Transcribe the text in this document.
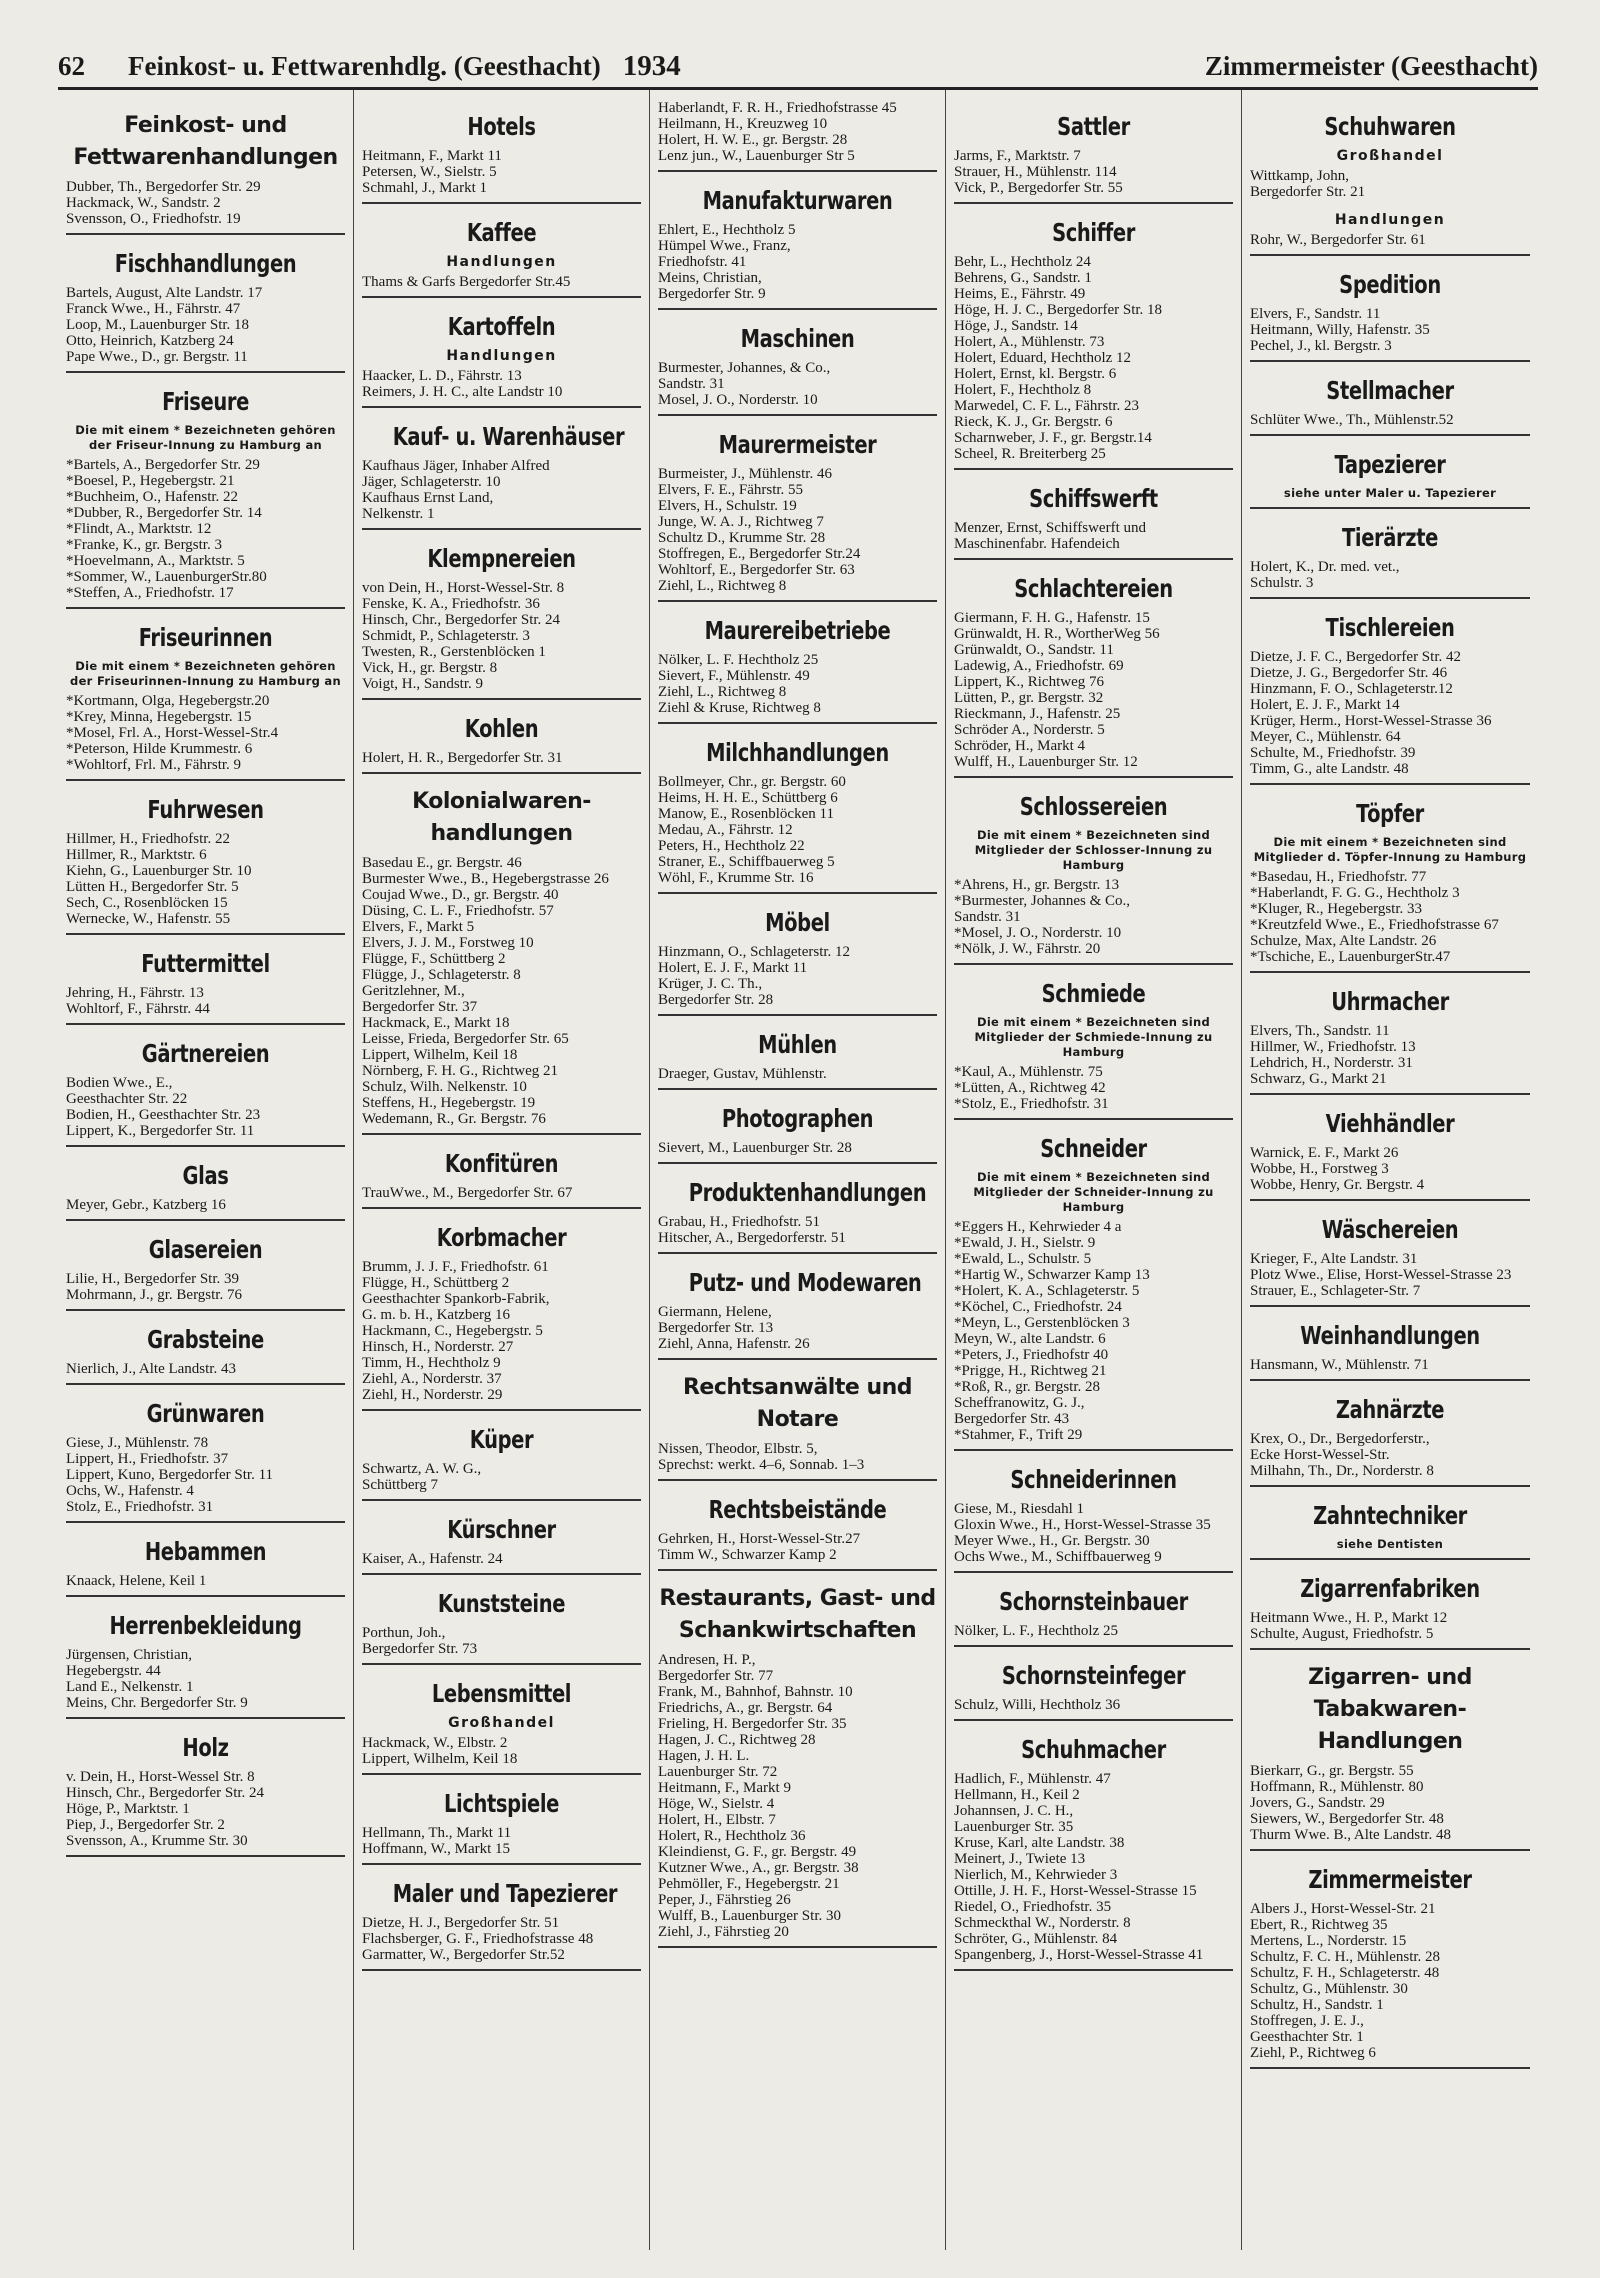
62	Feinkost- u. Fettwarenhdlg. (Geesthacht) 1934	Zimmermeister (Geesthacht)
Feinkost- und Fettwarenhandlungen
Dubber, Th., Bergedorfer Str. 29
Hackmack, W., Sandstr. 2
Svensson, O., Friedhofstr. 19
Fischhandlungen
Bartels, August, Alte Landstr. 17
Franck Wwe., H., Fährstr. 47
Loop, M., Lauenburger Str. 18
Otto, Heinrich, Katzberg 24
Pape Wwe., D., gr. Bergstr. 11
Friseure
Die mit einem * Bezeichneten gehören der Friseur-Innung zu Hamburg an
*Bartels, A., Bergedorfer Str. 29
*Boesel, P., Hegebergstr. 21
*Buchheim, O., Hafenstr. 22
*Dubber, R., Bergedorfer Str. 14
*Flindt, A., Marktstr. 12
*Franke, K., gr. Bergstr. 3
*Hoevelmann, A., Marktstr. 5
*Sommer, W., LauenburgerStr.80
*Steffen, A., Friedhofstr. 17
Friseurinnen
Die mit einem * Bezeichneten gehören der Friseurinnen-Innung zu Hamburg an
*Kortmann, Olga, Hegebergstr.20
*Krey, Minna, Hegebergstr. 15
*Mosel, Frl. A., Horst-Wessel-Str.4
*Peterson, Hilde Krummestr. 6
*Wohltorf, Frl. M., Fährstr. 9
Fuhrwesen
Hillmer, H., Friedhofstr. 22
Hillmer, R., Marktstr. 6
Kiehn, G., Lauenburger Str. 10
Lütten H., Bergedorfer Str. 5
Sech, C., Rosenblöcken 15
Wernecke, W., Hafenstr. 55
Futtermittel
Jehring, H., Fährstr. 13
Wohltorf, F., Fährstr. 44
Gärtnereien
Bodien Wwe., E.,
Geesthachter Str. 22
Bodien, H., Geesthachter Str. 23
Lippert, K., Bergedorfer Str. 11
Glas
Meyer, Gebr., Katzberg 16
Glasereien
Lilie, H., Bergedorfer Str. 39
Mohrmann, J., gr. Bergstr. 76
Grabsteine
Nierlich, J., Alte Landstr. 43
Grünwaren
Giese, J., Mühlenstr. 78
Lippert, H., Friedhofstr. 37
Lippert, Kuno, Bergedorfer Str. 11
Ochs, W., Hafenstr. 4
Stolz, E., Friedhofstr. 31
Hebammen
Knaack, Helene, Keil 1
Herrenbekleidung
Jürgensen, Christian,
Hegebergstr. 44
Land E., Nelkenstr. 1
Meins, Chr. Bergedorfer Str. 9
Holz
v. Dein, H., Horst-Wessel Str. 8
Hinsch, Chr., Bergedorfer Str. 24
Höge, P., Marktstr. 1
Piep, J., Bergedorfer Str. 2
Svensson, A., Krumme Str. 30
Hotels
Heitmann, F., Markt 11
Petersen, W., Sielstr. 5
Schmahl, J., Markt 1
Kaffee
Handlungen
Thams & Garfs Bergedorfer Str.45
Kartoffeln
Handlungen
Haacker, L. D., Fährstr. 13
Reimers, J. H. C., alte Landstr 10
Kauf- u. Warenhäuser
Kaufhaus Jäger, Inhaber Alfred
Jäger, Schlageterstr. 10
Kaufhaus Ernst Land,
Nelkenstr. 1
Klempnereien
von Dein, H., Horst-Wessel-Str. 8
Fenske, K. A., Friedhofstr. 36
Hinsch, Chr., Bergedorfer Str. 24
Schmidt, P., Schlageterstr. 3
Twesten, R., Gerstenblöcken 1
Vick, H., gr. Bergstr. 8
Voigt, H., Sandstr. 9
Kohlen
Holert, H. R., Bergedorfer Str. 31
Kolonialwaren-handlungen
Basedau E., gr. Bergstr. 46
Burmester Wwe., B., Hegebergstrasse 26
Coujad Wwe., D., gr. Bergstr. 40
Düsing, C. L. F., Friedhofstr. 57
Elvers, F., Markt 5
Elvers, J. J. M., Forstweg 10
Flügge, F., Schüttberg 2
Flügge, J., Schlageterstr. 8
Geritzlehner, M.,
Bergedorfer Str. 37
Hackmack, E., Markt 18
Leisse, Frieda, Bergedorfer Str. 65
Lippert, Wilhelm, Keil 18
Nörnberg, F. H. G., Richtweg 21
Schulz, Wilh. Nelkenstr. 10
Steffens, H., Hegebergstr. 19
Wedemann, R., Gr. Bergstr. 76
Konfitüren
TrauWwe., M., Bergedorfer Str. 67
Korbmacher
Brumm, J. J. F., Friedhofstr. 61
Flügge, H., Schüttberg 2
Geesthachter Spankorb-Fabrik,
G. m. b. H., Katzberg 16
Hackmann, C., Hegebergstr. 5
Hinsch, H., Norderstr. 27
Timm, H., Hechtholz 9
Ziehl, A., Norderstr. 37
Ziehl, H., Norderstr. 29
Küper
Schwartz, A. W. G.,
Schüttberg 7
Kürschner
Kaiser, A., Hafenstr. 24
Kunststeine
Porthun, Joh.,
Bergedorfer Str. 73
Lebensmittel
Großhandel
Hackmack, W., Elbstr. 2
Lippert, Wilhelm, Keil 18
Lichtspiele
Hellmann, Th., Markt 11
Hoffmann, W., Markt 15
Maler und Tapezierer
Dietze, H. J., Bergedorfer Str. 51
Flachsberger, G. F., Friedhofstrasse 48
Garmatter, W., Bergedorfer Str.52
Haberlandt, F. R. H., Friedhofstrasse 45
Heilmann, H., Kreuzweg 10
Holert, H. W. E., gr. Bergstr. 28
Lenz jun., W., Lauenburger Str 5
Manufakturwaren
Ehlert, E., Hechtholz 5
Hümpel Wwe., Franz,
Friedhofstr. 41
Meins, Christian,
Bergedorfer Str. 9
Maschinen
Burmester, Johannes, & Co.,
Sandstr. 31
Mosel, J. O., Norderstr. 10
Maurermeister
Burmeister, J., Mühlenstr. 46
Elvers, F. E., Fährstr. 55
Elvers, H., Schulstr. 19
Junge, W. A. J., Richtweg 7
Schultz D., Krumme Str. 28
Stoffregen, E., Bergedorfer Str.24
Wohltorf, E., Bergedorfer Str. 63
Ziehl, L., Richtweg 8
Maurereibetriebe
Nölker, L. F. Hechtholz 25
Sievert, F., Mühlenstr. 49
Ziehl, L., Richtweg 8
Ziehl & Kruse, Richtweg 8
Milchhandlungen
Bollmeyer, Chr., gr. Bergstr. 60
Heims, H. H. E., Schüttberg 6
Manow, E., Rosenblöcken 11
Medau, A., Fährstr. 12
Peters, H., Hechtholz 22
Straner, E., Schiffbauerweg 5
Wöhl, F., Krumme Str. 16
Möbel
Hinzmann, O., Schlageterstr. 12
Holert, E. J. F., Markt 11
Krüger, J. C. Th.,
Bergedorfer Str. 28
Mühlen
Draeger, Gustav, Mühlenstr.
Photographen
Sievert, M., Lauenburger Str. 28
Produktenhandlungen
Grabau, H., Friedhofstr. 51
Hitscher, A., Bergedorferstr. 51
Putz- und Modewaren
Giermann, Helene,
Bergedorfer Str. 13
Ziehl, Anna, Hafenstr. 26
Rechtsanwälte und Notare
Nissen, Theodor, Elbstr. 5,
Sprechst: werkt. 4–6, Sonnab. 1–3
Rechtsbeistände
Gehrken, H., Horst-Wessel-Str.27
Timm W., Schwarzer Kamp 2
Restaurants, Gast- und Schankwirtschaften
Andresen, H. P.,
Bergedorfer Str. 77
Frank, M., Bahnhof, Bahnstr. 10
Friedrichs, A., gr. Bergstr. 64
Frieling, H. Bergedorfer Str. 35
Hagen, J. C., Richtweg 28
Hagen, J. H. L.
Lauenburger Str. 72
Heitmann, F., Markt 9
Höge, W., Sielstr. 4
Holert, H., Elbstr. 7
Holert, R., Hechtholz 36
Kleindienst, G. F., gr. Bergstr. 49
Kutzner Wwe., A., gr. Bergstr. 38
Pehmöller, F., Hegebergstr. 21
Peper, J., Fährstieg 26
Wulff, B., Lauenburger Str. 30
Ziehl, J., Fährstieg 20
Sattler
Jarms, F., Marktstr. 7
Strauer, H., Mühlenstr. 114
Vick, P., Bergedorfer Str. 55
Schiffer
Behr, L., Hechtholz 24
Behrens, G., Sandstr. 1
Heims, E., Fährstr. 49
Höge, H. J. C., Bergedorfer Str. 18
Höge, J., Sandstr. 14
Holert, A., Mühlenstr. 73
Holert, Eduard, Hechtholz 12
Holert, Ernst, kl. Bergstr. 6
Holert, F., Hechtholz 8
Marwedel, C. F. L., Fährstr. 23
Rieck, K. J., Gr. Bergstr. 6
Scharnweber, J. F., gr. Bergstr.14
Scheel, R. Breiterberg 25
Schiffswerft
Menzer, Ernst, Schiffswerft und
Maschinenfabr. Hafendeich
Schlachtereien
Giermann, F. H. G., Hafenstr. 15
Grünwaldt, H. R., WortherWeg 56
Grünwaldt, O., Sandstr. 11
Ladewig, A., Friedhofstr. 69
Lippert, K., Richtweg 76
Lütten, P., gr. Bergstr. 32
Rieckmann, J., Hafenstr. 25
Schröder A., Norderstr. 5
Schröder, H., Markt 4
Wulff, H., Lauenburger Str. 12
Schlossereien
Die mit einem * Bezeichneten sind Mitglieder der Schlosser-Innung zu Hamburg
*Ahrens, H., gr. Bergstr. 13
*Burmester, Johannes & Co.,
Sandstr. 31
*Mosel, J. O., Norderstr. 10
*Nölk, J. W., Fährstr. 20
Schmiede
Die mit einem * Bezeichneten sind Mitglieder der Schmiede-Innung zu Hamburg
*Kaul, A., Mühlenstr. 75
*Lütten, A., Richtweg 42
*Stolz, E., Friedhofstr. 31
Schneider
Die mit einem * Bezeichneten sind Mitglieder der Schneider-Innung zu Hamburg
*Eggers H., Kehrwieder 4 a
*Ewald, J. H., Sielstr. 9
*Ewald, L., Schulstr. 5
*Hartig W., Schwarzer Kamp 13
*Holert, K. A., Schlageterstr. 5
*Köchel, C., Friedhofstr. 24
*Meyn, L., Gerstenblöcken 3
Meyn, W., alte Landstr. 6
*Peters, J., Friedhofstr 40
*Prigge, H., Richtweg 21
*Roß, R., gr. Bergstr. 28
Scheffranowitz, G. J.,
Bergedorfer Str. 43
*Stahmer, F., Trift 29
Schneiderinnen
Giese, M., Riesdahl 1
Gloxin Wwe., H., Horst-Wessel-Strasse 35
Meyer Wwe., H., Gr. Bergstr. 30
Ochs Wwe., M., Schiffbauerweg 9
Schornsteinbauer
Nölker, L. F., Hechtholz 25
Schornsteinfeger
Schulz, Willi, Hechtholz 36
Schuhmacher
Hadlich, F., Mühlenstr. 47
Hellmann, H., Keil 2
Johannsen, J. C. H.,
Lauenburger Str. 35
Kruse, Karl, alte Landstr. 38
Meinert, J., Twiete 13
Nierlich, M., Kehrwieder 3
Ottille, J. H. F., Horst-Wessel-Strasse 15
Riedel, O., Friedhofstr. 35
Schmeckthal W., Norderstr. 8
Schröter, G., Mühlenstr. 84
Spangenberg, J., Horst-Wessel-Strasse 41
Schuhwaren
Großhandel
Wittkamp, John,
Bergedorfer Str. 21
Handlungen
Rohr, W., Bergedorfer Str. 61
Spedition
Elvers, F., Sandstr. 11
Heitmann, Willy, Hafenstr. 35
Pechel, J., kl. Bergstr. 3
Stellmacher
Schlüter Wwe., Th., Mühlenstr.52
Tapezierer
siehe unter Maler u. Tapezierer
Tierärzte
Holert, K., Dr. med. vet.,
Schulstr. 3
Tischlereien
Dietze, J. F. C., Bergedorfer Str. 42
Dietze, J. G., Bergedorfer Str. 46
Hinzmann, F. O., Schlageterstr.12
Holert, E. J. F., Markt 14
Krüger, Herm., Horst-Wessel-Strasse 36
Meyer, C., Mühlenstr. 64
Schulte, M., Friedhofstr. 39
Timm, G., alte Landstr. 48
Töpfer
Die mit einem * Bezeichneten sind Mitglieder d. Töpfer-Innung zu Hamburg
*Basedau, H., Friedhofstr. 77
*Haberlandt, F. G. G., Hechtholz 3
*Kluger, R., Hegebergstr. 33
*Kreutzfeld Wwe., E., Friedhofstrasse 67
Schulze, Max, Alte Landstr. 26
*Tschiche, E., LauenburgerStr.47
Uhrmacher
Elvers, Th., Sandstr. 11
Hillmer, W., Friedhofstr. 13
Lehdrich, H., Norderstr. 31
Schwarz, G., Markt 21
Viehhändler
Warnick, E. F., Markt 26
Wobbe, H., Forstweg 3
Wobbe, Henry, Gr. Bergstr. 4
Wäschereien
Krieger, F., Alte Landstr. 31
Plotz Wwe., Elise, Horst-Wessel-Strasse 23
Strauer, E., Schlageter-Str. 7
Weinhandlungen
Hansmann, W., Mühlenstr. 71
Zahnärzte
Krex, O., Dr., Bergedorferstr.,
Ecke Horst-Wessel-Str.
Milhahn, Th., Dr., Norderstr. 8
Zahntechniker
siehe Dentisten
Zigarrenfabriken
Heitmann Wwe., H. P., Markt 12
Schulte, August, Friedhofstr. 5
Zigarren- und Tabakwaren-Handlungen
Bierkarr, G., gr. Bergstr. 55
Hoffmann, R., Mühlenstr. 80
Jovers, G., Sandstr. 29
Siewers, W., Bergedorfer Str. 48
Thurm Wwe. B., Alte Landstr. 48
Zimmermeister
Albers J., Horst-Wessel-Str. 21
Ebert, R., Richtweg 35
Mertens, L., Norderstr. 15
Schultz, F. C. H., Mühlenstr. 28
Schultz, F. H., Schlageterstr. 48
Schultz, G., Mühlenstr. 30
Schultz, H., Sandstr. 1
Stoffregen, J. E. J.,
Geesthachter Str. 1
Ziehl, P., Richtweg 6
